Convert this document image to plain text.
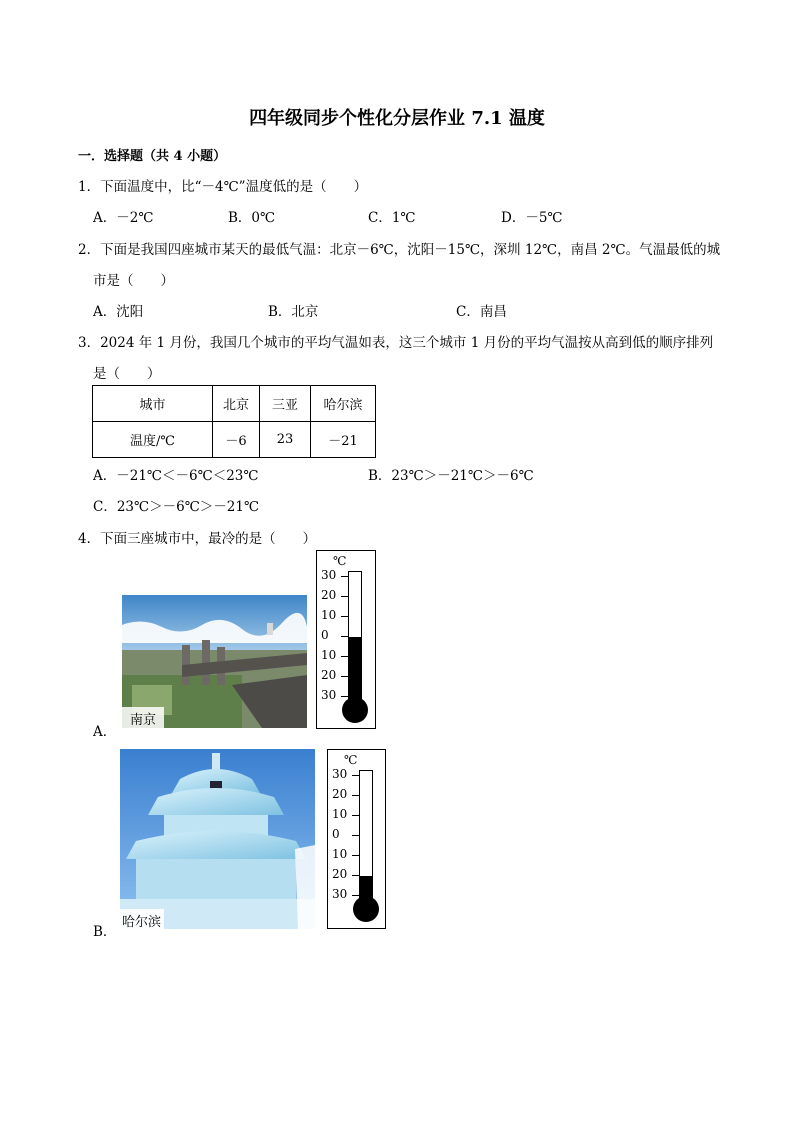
四年级同步个性化分层作业 7.1 温度
一．选择题（共 4 小题）
1．下面温度中，比“－4℃”温度低的是（　　）
A．－2℃	B．0℃	C．1℃	D．－5℃
2．下面是我国四座城市某天的最低气温：北京－6℃，沈阳－15℃，深圳 12℃，南昌 2℃。气温最低的城
市是（　　）
A．沈阳	B．北京	C．南昌
3．2024 年 1 月份，我国几个城市的平均气温如表，这三个城市 1 月份的平均气温按从高到低的顺序排列
是（　　）
城市	北京	三亚	哈尔滨
温度/℃	－6	23	－21
A．－21℃＜－6℃＜23℃	B．23℃＞－21℃＞－6℃
C．23℃＞－6℃＞－21℃
4．下面三座城市中，最冷的是（　　）
南京
A．
℃
30
20
10
0
10
20
30
哈尔滨
B．
℃
30
20
10
0
10
20
30
